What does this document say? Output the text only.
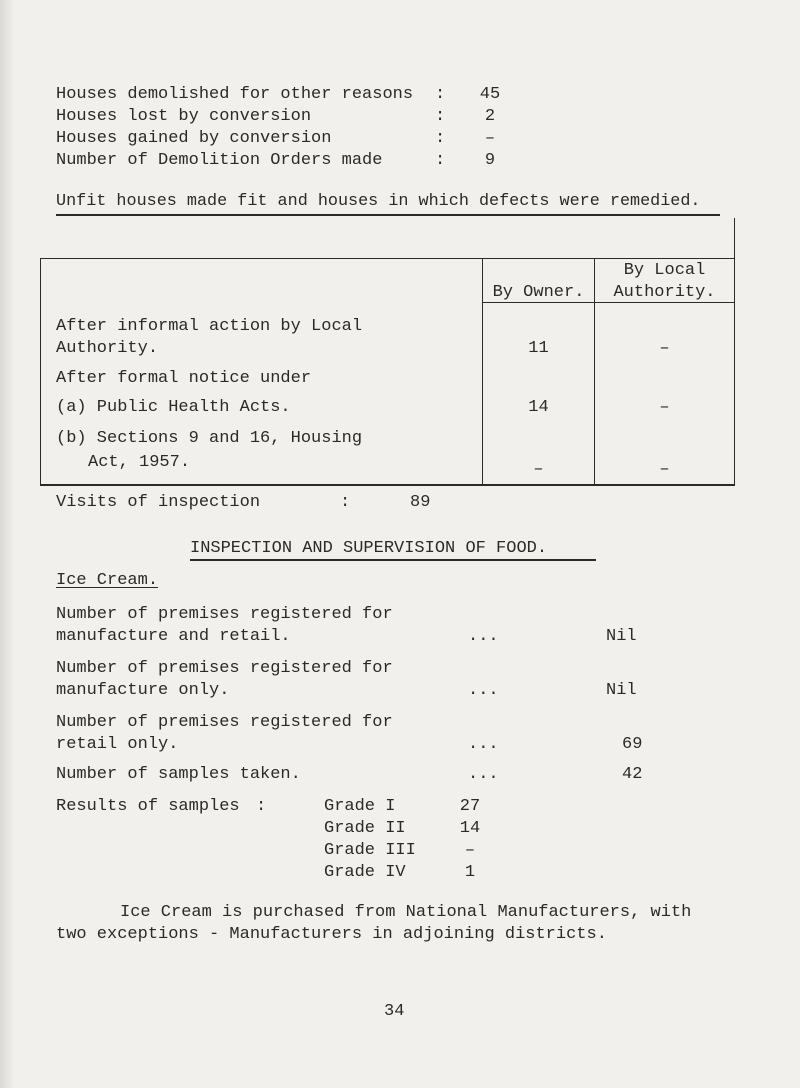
Houses demolished for other reasons :	45
Houses lost by conversion	:	2
Houses gained by conversion	:	–
Number of Demolition Orders made	:	9
Unfit houses made fit and houses in which defects were remedied.
By Owner.
By Local
Authority.
After informal action by Local
Authority.	11	–
After formal notice under
(a) Public Health Acts.	14	–
(b) Sections 9 and 16, Housing
Act, 1957.	–	–
Visits of inspection	:	89
INSPECTION AND SUPERVISION OF FOOD.
Ice Cream.
Number of premises registered for
manufacture and retail.	...	Nil
Number of premises registered for
manufacture only.	...	Nil
Number of premises registered for
retail only.	...	69
Number of samples taken.	...	42
Results of samples :	Grade I	27
Grade II	14
Grade III	–
Grade IV	1
Ice Cream is purchased from National Manufacturers, with
two exceptions - Manufacturers in adjoining districts.
34
